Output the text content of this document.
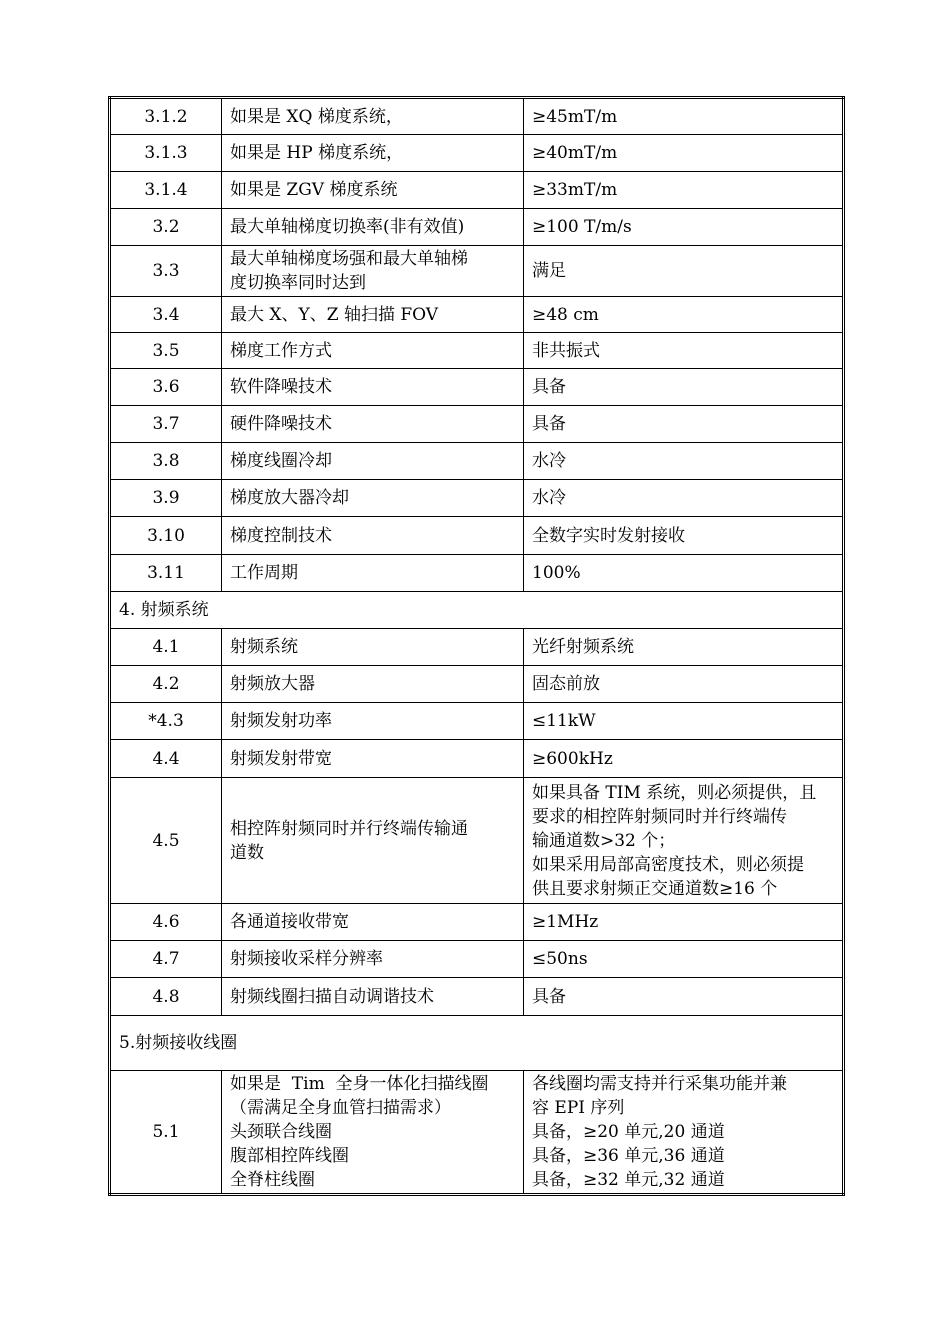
3.1.2	如果是 XQ 梯度系统，	≥45mT/m
3.1.3	如果是 HP 梯度系统，	≥40mT/m
3.1.4	如果是 ZGV 梯度系统	≥33mT/m
3.2	最大单轴梯度切换率(非有效值)	≥100 T/m/s
3.3	最大单轴梯度场强和最大单轴梯
度切换率同时达到	满足
3.4	最大 X、Y、Z 轴扫描 FOV	≥48 cm
3.5	梯度工作方式	非共振式
3.6	软件降噪技术	具备
3.7	硬件降噪技术	具备
3.8	梯度线圈冷却	水冷
3.9	梯度放大器冷却	水冷
3.10	梯度控制技术	全数字实时发射接收
3.11	工作周期	100%
4. 射频系统		
4.1	射频系统	光纤射频系统
4.2	射频放大器	固态前放
*4.3	射频发射功率	≤11kW
4.4	射频发射带宽	≥600kHz
4.5	相控阵射频同时并行终端传输通
道数	如果具备 TIM 系统，则必须提供，且
要求的相控阵射频同时并行终端传
输通道数>32 个；
如果采用局部高密度技术，则必须提
供且要求射频正交通道数≥16 个

4.6	各通道接收带宽	≥1MHz
4.7	射频接收采样分辨率	≤50ns
4.8	射频线圈扫描自动调谐技术	具备
5.射频接收线圈		
5.1	如果是  Tim  全身一体化扫描线圈
（需满足全身血管扫描需求）
头颈联合线圈
腹部相控阵线圈
全脊柱线圈	各线圈均需支持并行采集功能并兼
容 EPI 序列
具备，≥20 单元,20 通道
具备，≥36 单元,36 通道
具备，≥32 单元,32 通道
